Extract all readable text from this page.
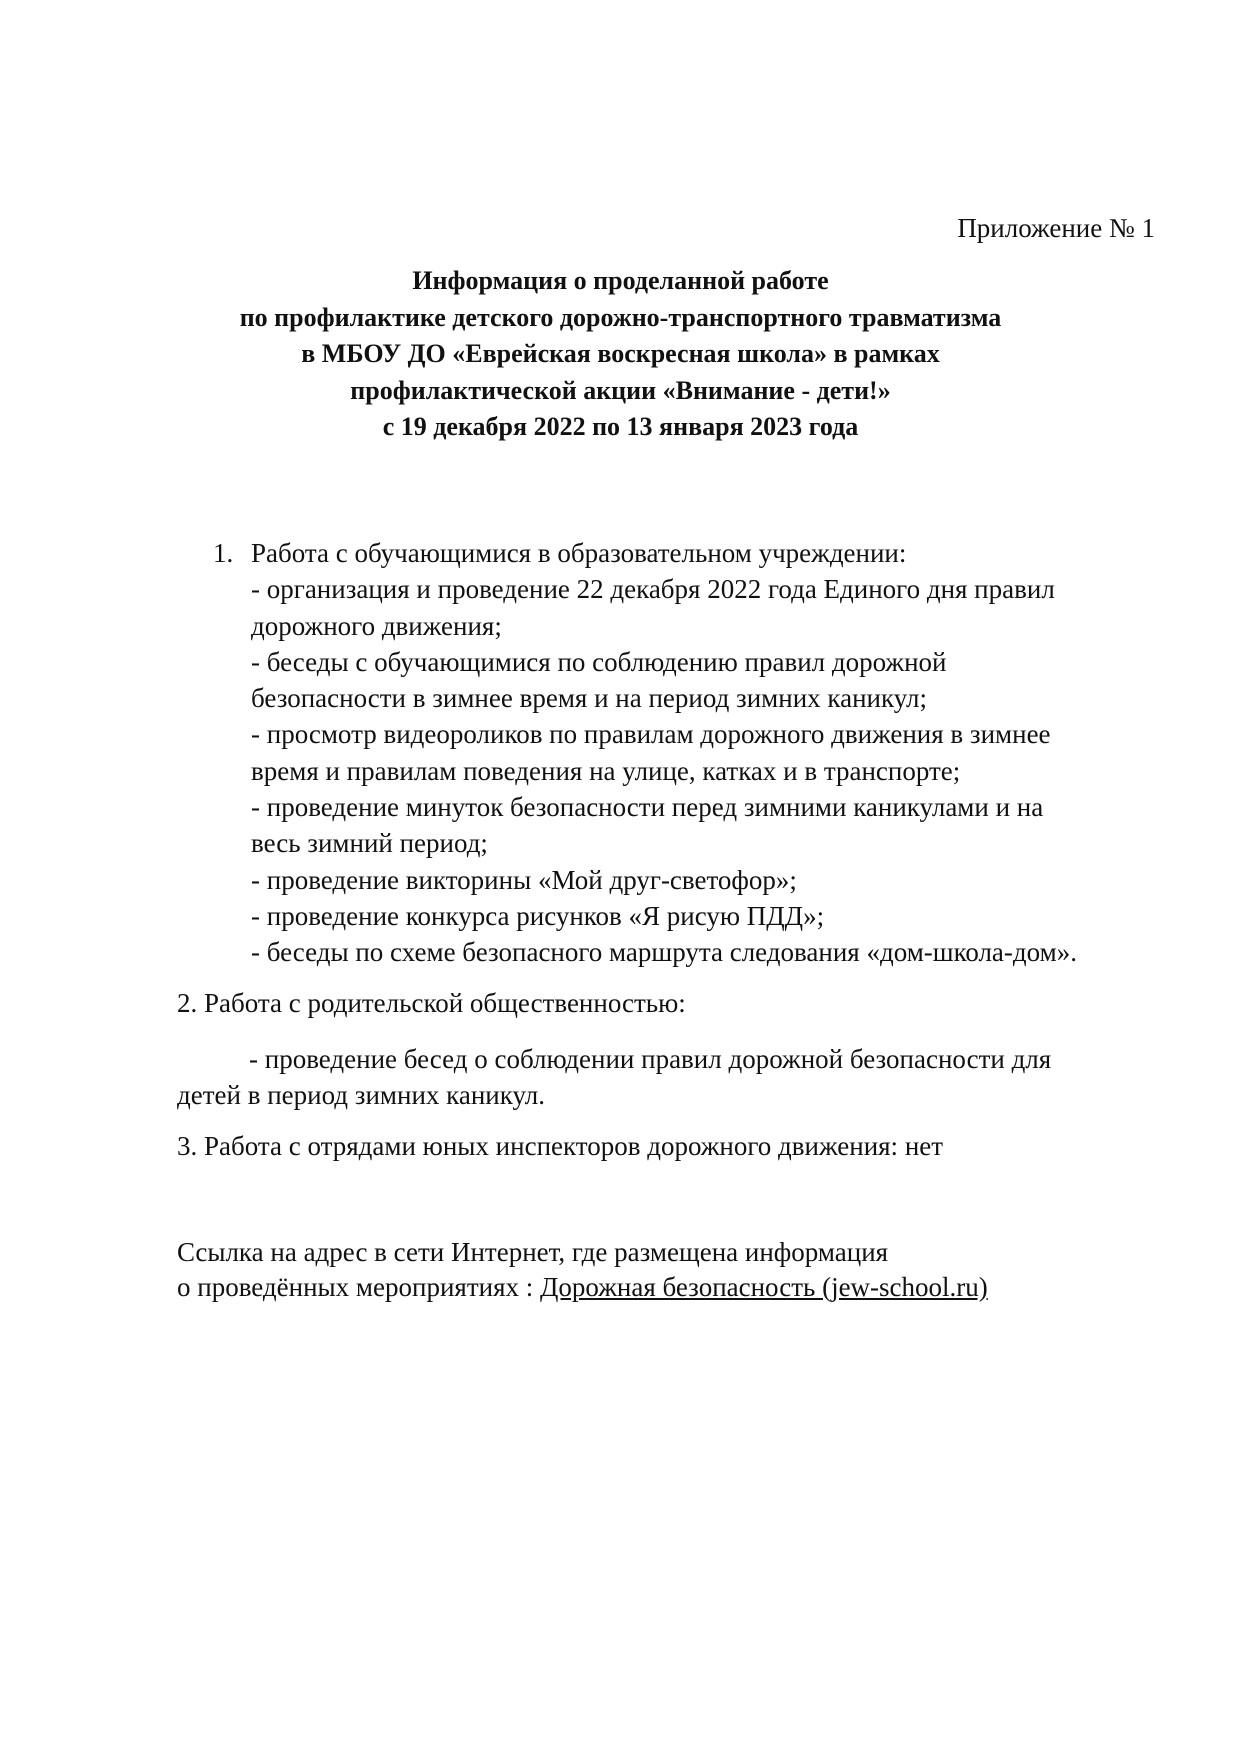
Приложение № 1
Информация о проделанной работе
по профилактике детского дорожно-транспортного травматизма
в МБОУ ДО «Еврейская воскресная школа» в рамках
профилактической акции «Внимание - дети!»
с 19 декабря 2022 по 13 января 2023 года
1. Работа с обучающимися в образовательном учреждении:
- организация и проведение 22 декабря 2022 года Единого дня правил
дорожного движения;
- беседы с обучающимися по соблюдению правил дорожной
безопасности в зимнее время и на период зимних каникул;
- просмотр видеороликов по правилам дорожного движения в зимнее
время и правилам поведения на улице, катках и в транспорте;
- проведение минуток безопасности перед зимними каникулами и на
весь зимний период;
- проведение викторины «Мой друг-светофор»;
- проведение конкурса рисунков «Я рисую ПДД»;
- беседы по схеме безопасного маршрута следования «дом-школа-дом».
2. Работа с родительской общественностью:
- проведение бесед о соблюдении правил дорожной безопасности для
детей в период зимних каникул.
3. Работа с отрядами юных инспекторов дорожного движения: нет
Ссылка на адрес в сети Интернет, где размещена информация
о проведённых мероприятиях : Дорожная безопасность (jew-school.ru)
